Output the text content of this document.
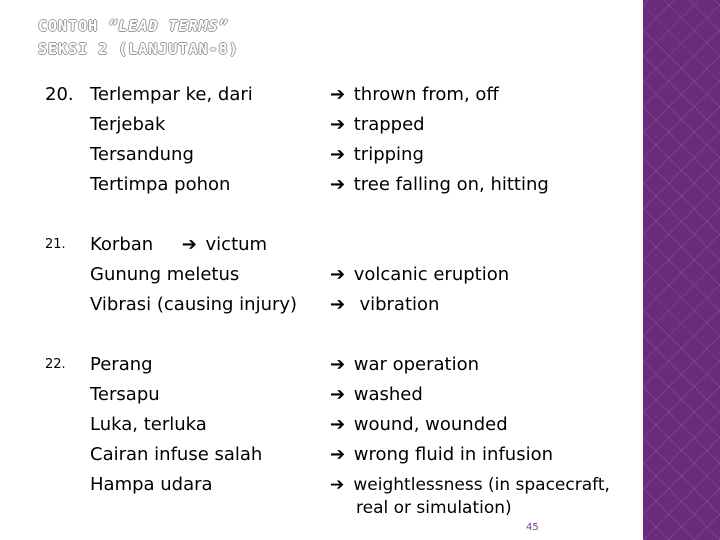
CONTOH “LEAD TERMS”
SEKSI 2 (LANJUTAN-8)
20. Terlempar ke, dari	➔ thrown from, off
Terjebak	➔ trapped
Tersandung	➔ tripping
Tertimpa pohon	➔ tree falling on, hitting
21. Korban ➔ victum
Gunung meletus	➔ volcanic eruption
Vibrasi (causing injury) ➔ vibration
22. Perang	➔ war operation
Tersapu	➔ washed
Luka, terluka	➔ wound, wounded
Cairan infuse salah	➔ wrong fluid in infusion
Hampa udara	➔ weightlessness (in spacecraft,
real or simulation)
45
